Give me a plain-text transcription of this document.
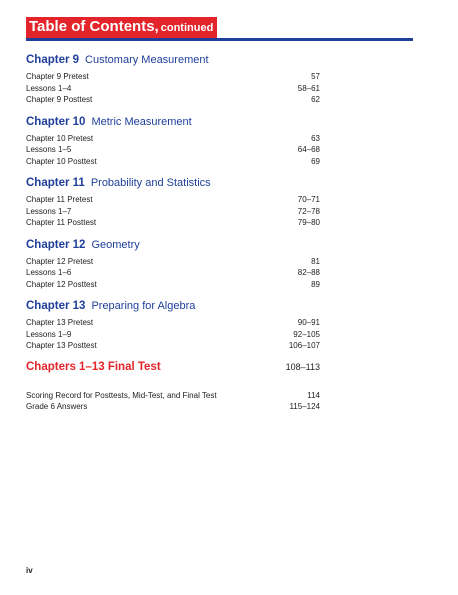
Table of Contents, continued
Chapter 9 Customary Measurement
Chapter 9 Pretest	57
Lessons 1–4	58–61
Chapter 9 Posttest	62
Chapter 10 Metric Measurement
Chapter 10 Pretest	63
Lessons 1–5	64–68
Chapter 10 Posttest	69
Chapter 11 Probability and Statistics
Chapter 11 Pretest	70–71
Lessons 1–7	72–78
Chapter 11 Posttest	79–80
Chapter 12 Geometry
Chapter 12 Pretest	81
Lessons 1–6	82–88
Chapter 12 Posttest	89
Chapter 13 Preparing for Algebra
Chapter 13 Pretest	90–91
Lessons 1–9	92–105
Chapter 13 Posttest	106–107
Chapters 1–13 Final Test	108–113
Scoring Record for Posttests, Mid-Test, and Final Test	114
Grade 6 Answers	115–124
iv
